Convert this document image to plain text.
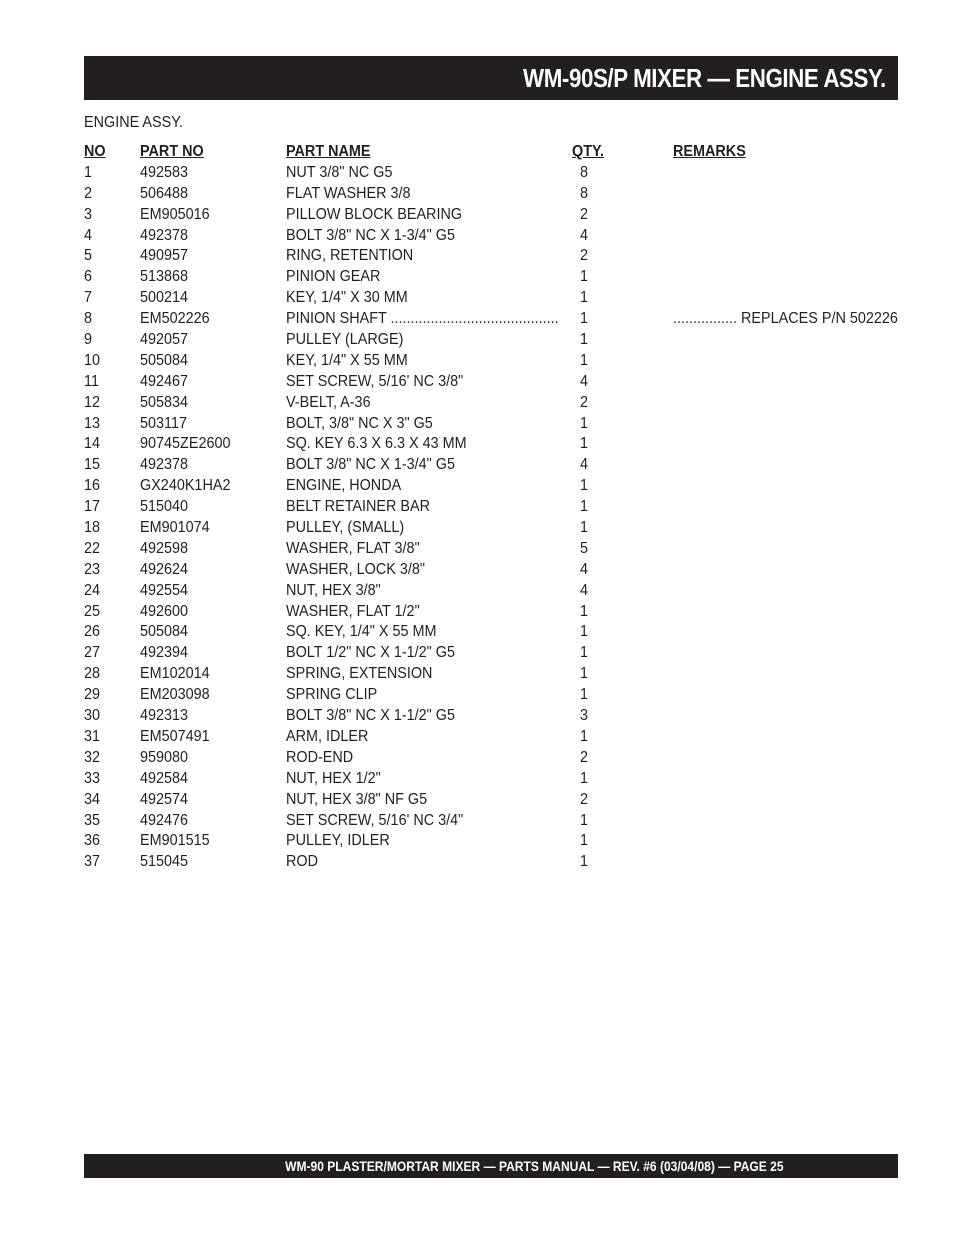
WM-90S/P MIXER — ENGINE ASSY.
ENGINE ASSY.
NO PART NO	PART NAME	QTY.	REMARKS
1	492583	NUT 3/8" NC G5	8
2	506488	FLAT WASHER 3/8	8
3	EM905016	PILLOW BLOCK BEARING	2
4	492378	BOLT 3/8" NC X 1-3/4" G5	4
5	490957	RING, RETENTION	2
6	513868	PINION GEAR	1
7	500214	KEY, 1/4" X 30 MM	1
8	EM502226	PINION SHAFT .......................................... 1	................ REPLACES P/N 502226
9	492057	PULLEY (LARGE)	1
10 505084	KEY, 1/4" X 55 MM	1
11	492467	SET SCREW, 5/16' NC 3/8"	4
12 505834	V-BELT, A-36	2
13 503117	BOLT, 3/8" NC X 3" G5	1
14 90745ZE2600	SQ. KEY 6.3 X 6.3 X 43 MM	1
15 492378	BOLT 3/8" NC X 1-3/4" G5	4
16 GX240K1HA2	ENGINE, HONDA	1
17 515040	BELT RETAINER BAR	1
18 EM901074	PULLEY, (SMALL)	1
22 492598	WASHER, FLAT 3/8"	5
23 492624	WASHER, LOCK 3/8"	4
24 492554	NUT, HEX 3/8"	4
25 492600	WASHER, FLAT 1/2"	1
26 505084	SQ. KEY, 1/4" X 55 MM	1
27 492394	BOLT 1/2" NC X 1-1/2" G5	1
28 EM102014	SPRING, EXTENSION	1
29 EM203098	SPRING CLIP	1
30 492313	BOLT 3/8" NC X 1-1/2" G5	3
31 EM507491	ARM, IDLER	1
32 959080	ROD-END	2
33 492584	NUT, HEX 1/2"	1
34 492574	NUT, HEX 3/8" NF G5	2
35 492476	SET SCREW, 5/16' NC 3/4"	1
36 EM901515	PULLEY, IDLER	1
37 515045	ROD	1
WM-90 PLASTER/MORTAR MIXER — PARTS MANUAL — REV. #6 (03/04/08) — PAGE 25
